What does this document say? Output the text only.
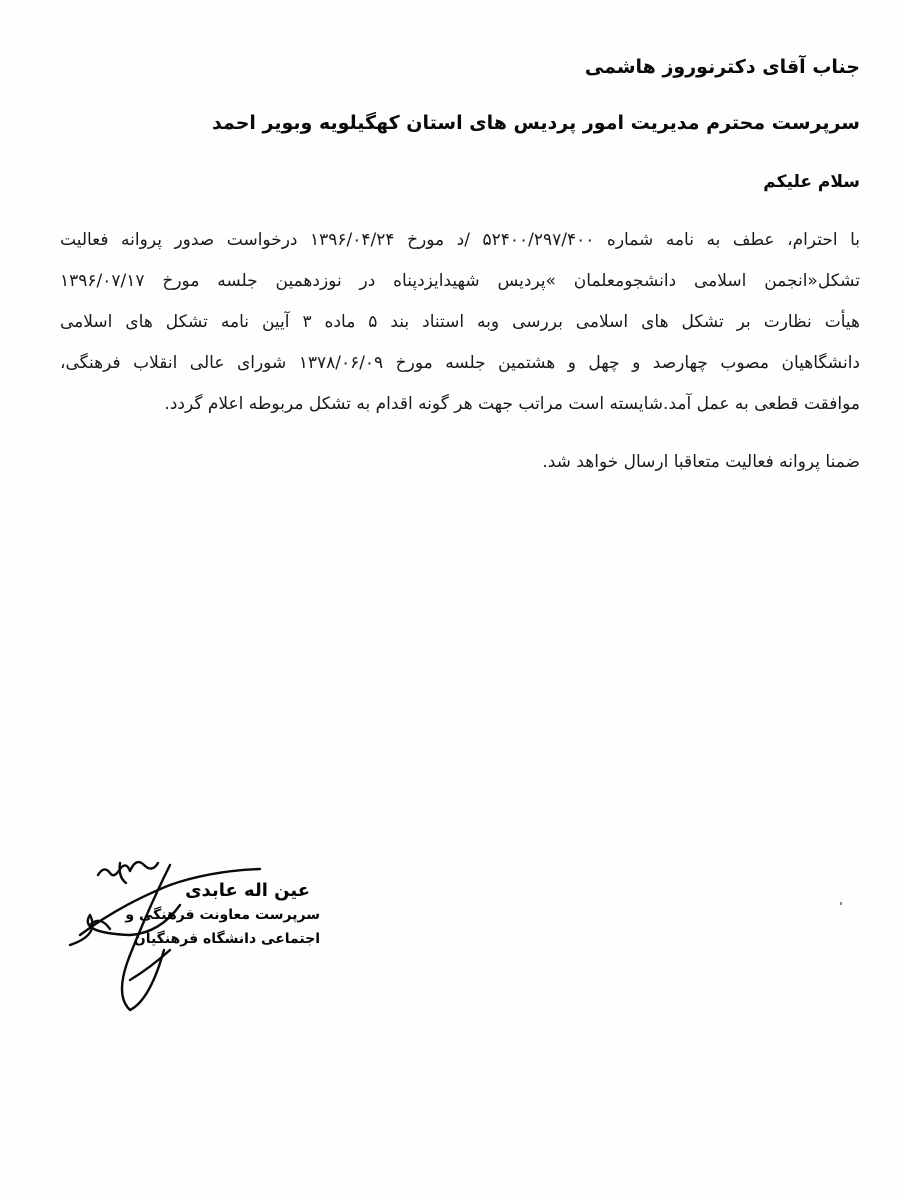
جناب آقای دکترنوروز هاشمی
سرپرست محترم مدیریت امور پردیس های استان کهگیلویه وبویر احمد
سلام علیکم
با احترام، عطف به نامه شماره ۵۲۴۰۰/۲۹۷/۴۰۰ /د مورخ ۱۳۹۶/۰۴/۲۴ درخواست صدور پروانه فعالیت
تشکل«انجمن اسلامی دانشجومعلمان »پردیس شهیدایزدپناه در نوزدهمین جلسه مورخ ۱۳۹۶/۰۷/۱۷
هیأت نظارت بر تشکل های اسلامی بررسی وبه استناد بند ۵ ماده ۳ آیین نامه تشکل های اسلامی
دانشگاهیان مصوب چهارصد و چهل و هشتمین جلسه مورخ ۱۳۷۸/۰۶/۰۹ شورای عالی انقلاب فرهنگی،
موافقت قطعی به عمل آمد.شایسته است مراتب جهت هر گونه اقدام به تشکل مربوطه اعلام گردد.
ضمنا پروانه فعالیت متعاقبا ارسال خواهد شد.
عین اله عابدی
سرپرست معاونت فرهنگی و
اجتماعی دانشگاه فرهنگیان
